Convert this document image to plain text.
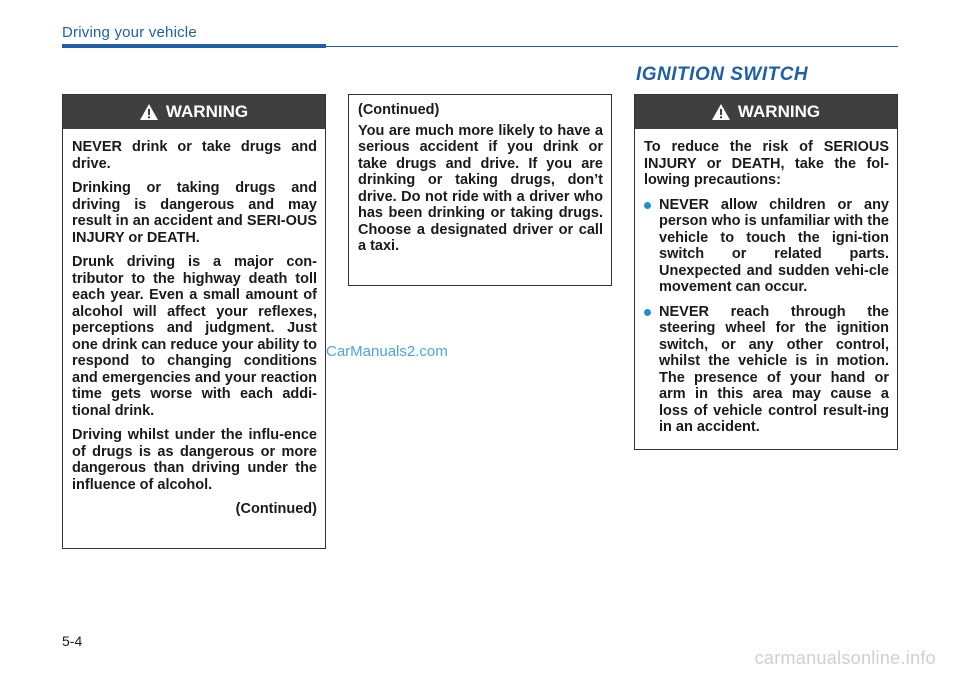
Driving your vehicle
IGNITION SWITCH
WARNING

NEVER drink or take drugs and drive.

Drinking or taking drugs and driving is dangerous and may result in an accident and SERI-OUS INJURY or DEATH.

Drunk driving is a major con-tributor to the highway death toll each year. Even a small amount of alcohol will affect your reflexes, perceptions and judgment. Just one drink can reduce your ability to respond to changing conditions and emergencies and your reaction time gets worse with each addi-tional drink.

Driving whilst under the influ-ence of drugs is as dangerous or more dangerous than driving under the influence of alcohol.

(Continued)

(Continued)

You are much more likely to have a serious accident if you drink or take drugs and drive. If you are drinking or taking drugs, don’t drive. Do not ride with a driver who has been drinking or taking drugs. Choose a designated driver or call a taxi.

CarManuals2.com
WARNING

To reduce the risk of SERIOUS INJURY or DEATH, take the fol-lowing precautions:

NEVER allow children or any person who is unfamiliar with the vehicle to touch the igni-tion switch or related parts. Unexpected and sudden vehi-cle movement can occur.
NEVER reach through the steering wheel for the ignition switch, or any other control, whilst the vehicle is in motion. The presence of your hand or arm in this area may cause a loss of vehicle control result-ing in an accident.
5-4
carmanualsonline.info
